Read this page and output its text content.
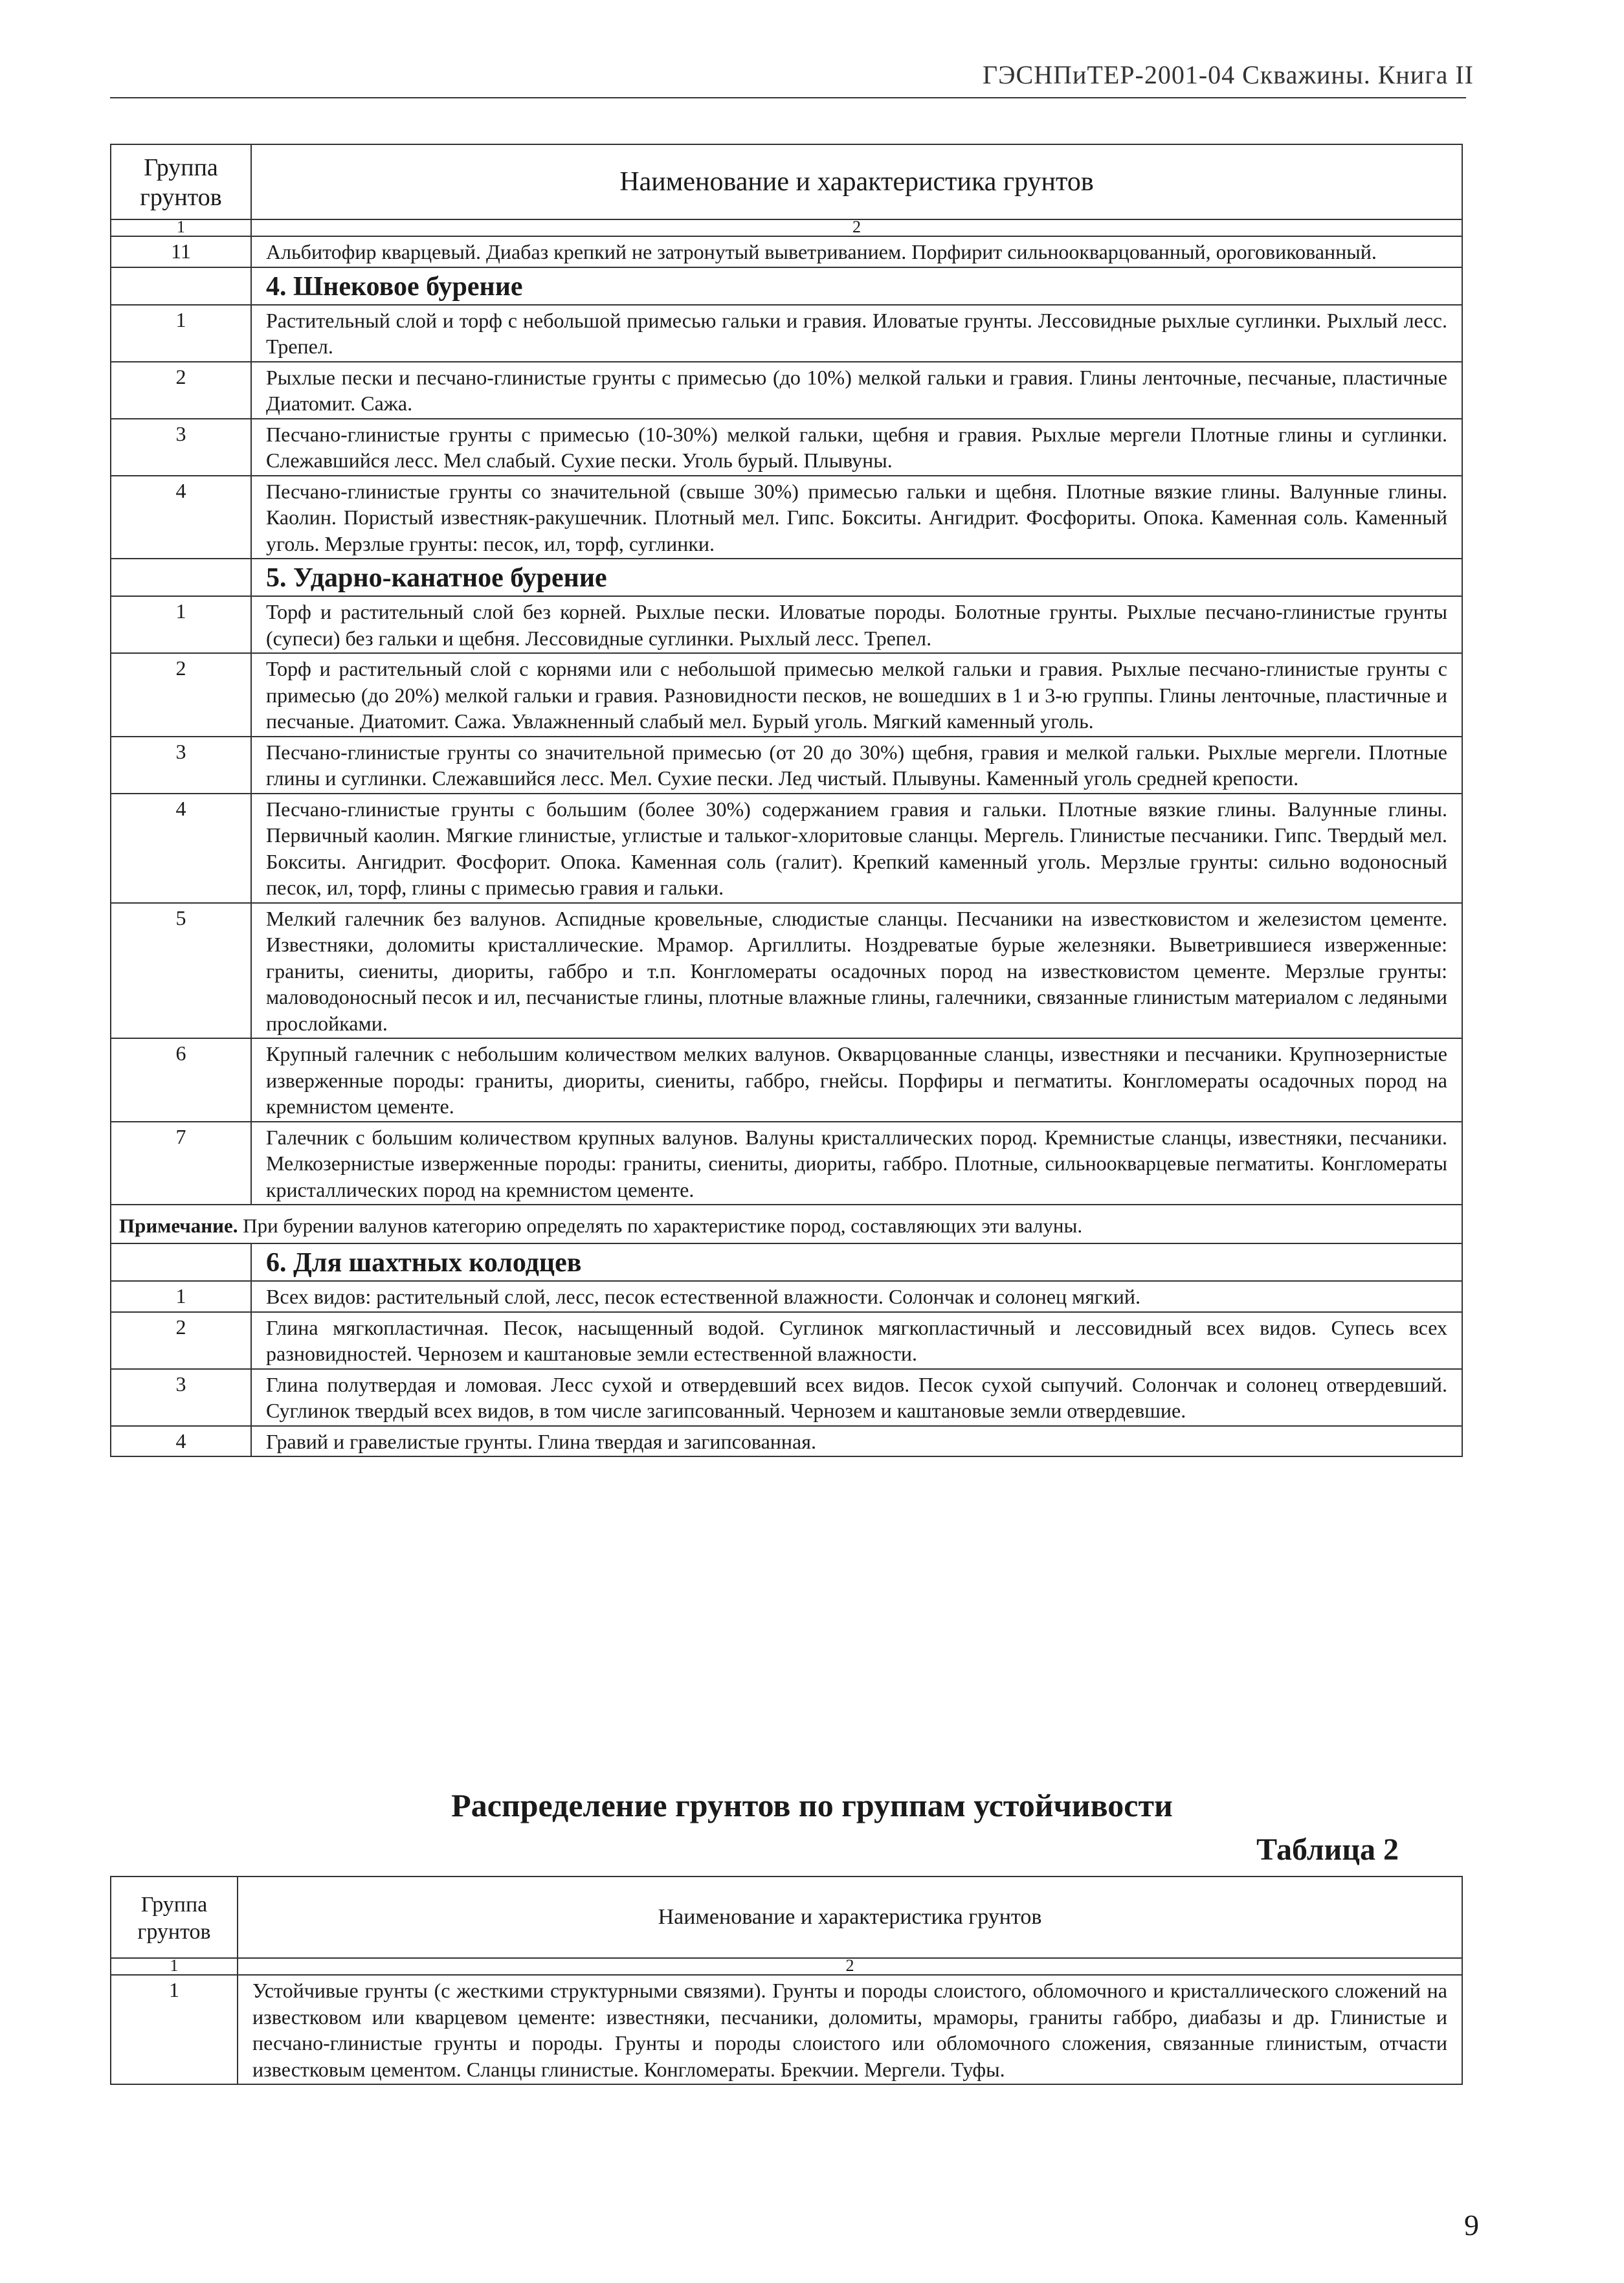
ГЭСНПиТЕР-2001-04 Скважины. Книга II
Группа грунтов	Наименование и характеристика грунтов
1	2
11	Альбитофир кварцевый. Диабаз крепкий не затронутый выветриванием. Порфирит сильноокварцованный, ороговикованный.
	4. Шнековое бурение
1	Растительный слой и торф с небольшой примесью гальки и гравия. Иловатые грунты. Лессовидные рыхлые суглинки. Рыхлый лесс. Трепел.
2	Рыхлые пески и песчано-глинистые грунты с примесью (до 10%) мелкой гальки и гравия. Глины ленточные, песчаные, пластичные Диатомит. Сажа.
3	Песчано-глинистые грунты с примесью (10-30%) мелкой гальки, щебня и гравия. Рыхлые мергели Плотные глины и суглинки. Слежавшийся лесс. Мел слабый. Сухие пески. Уголь бурый. Плывуны.
4	Песчано-глинистые грунты со значительной (свыше 30%) примесью гальки и щебня. Плотные вязкие глины. Валунные глины. Каолин. Пористый известняк-ракушечник. Плотный мел. Гипс. Бокситы. Ангидрит. Фосфориты. Опока. Каменная соль. Каменный уголь. Мерзлые грунты: песок, ил, торф, суглинки.
	5. Ударно-канатное бурение
1	Торф и растительный слой без корней. Рыхлые пески. Иловатые породы. Болотные грунты. Рыхлые песчано-глинистые грунты (супеси) без гальки и щебня. Лессовидные суглинки. Рыхлый лесс. Трепел.
2	Торф и растительный слой с корнями или с небольшой примесью мелкой гальки и гравия. Рыхлые песчано-глинистые грунты с примесью (до 20%) мелкой гальки и гравия. Разновидности песков, не вошедших в 1 и 3-ю группы. Глины ленточные, пластичные и песчаные. Диатомит. Сажа. Увлажненный слабый мел. Бурый уголь. Мягкий каменный уголь.
3	Песчано-глинистые грунты со значительной примесью (от 20 до 30%) щебня, гравия и мелкой гальки. Рыхлые мергели. Плотные глины и суглинки. Слежавшийся лесс. Мел. Сухие пески. Лед чистый. Плывуны. Каменный уголь средней крепости.
4	Песчано-глинистые грунты с большим (более 30%) содержанием гравия и гальки. Плотные вязкие глины. Валунные глины. Первичный каолин. Мягкие глинистые, углистые и тальког-хлоритовые сланцы. Мергель. Глинистые песчаники. Гипс. Твердый мел. Бокситы. Ангидрит. Фосфорит. Опока. Каменная соль (галит). Крепкий каменный уголь. Мерзлые грунты: сильно водоносный песок, ил, торф, глины с примесью гравия и гальки.
5	Мелкий галечник без валунов. Аспидные кровельные, слюдистые сланцы. Песчаники на известковистом и железистом цементе. Известняки, доломиты кристаллические. Мрамор. Аргиллиты. Ноздреватые бурые железняки. Выветрившиеся изверженные: граниты, сиениты, диориты, габбро и т.п. Конгломераты осадочных пород на известковистом цементе. Мерзлые грунты: маловодоносный песок и ил, песчанистые глины, плотные влажные глины, галечники, связанные глинистым материалом с ледяными прослойками.
6	Крупный галечник с небольшим количеством мелких валунов. Окварцованные сланцы, известняки и песчаники. Крупнозернистые изверженные породы: граниты, диориты, сиениты, габбро, гнейсы. Порфиры и пегматиты. Конгломераты осадочных пород на кремнистом цементе.
7	Галечник с большим количеством крупных валунов. Валуны кристаллических пород. Кремнистые сланцы, известняки, песчаники. Мелкозернистые изверженные породы: граниты, сиениты, диориты, габбро. Плотные, сильноокварцевые пегматиты. Конгломераты кристаллических пород на кремнистом цементе.
Примечание. При бурении валунов категорию определять по характеристике пород, составляющих эти валуны.	
	6. Для шахтных колодцев
1	Всех видов: растительный слой, лесс, песок естественной влажности. Солончак и солонец мягкий.
2	Глина мягкопластичная. Песок, насыщенный водой. Суглинок мягкопластичный и лессовидный всех видов. Супесь всех разновидностей. Чернозем и каштановые земли естественной влажности.
3	Глина полутвердая и ломовая. Лесс сухой и отвердевший всех видов. Песок сухой сыпучий. Солончак и солонец отвердевший. Суглинок твердый всех видов, в том числе загипсованный. Чернозем и каштановые земли отвердевшие.
4	Гравий и гравелистые грунты. Глина твердая и загипсованная.
Распределение грунтов по группам устойчивости
Таблица 2
Группа грунтов	Наименование и характеристика грунтов
1	2
1	Устойчивые грунты (с жесткими структурными связями). Грунты и породы слоистого, обломочного и кристаллического сложений на известковом или кварцевом цементе: известняки, песчаники, доломиты, мраморы, граниты габбро, диабазы и др. Глинистые и песчано-глинистые грунты и породы. Грунты и породы слоистого или обломочного сложения, связанные глинистым, отчасти известковым цементом. Сланцы глинистые. Конгломераты. Брекчии. Мергели. Туфы.
9
